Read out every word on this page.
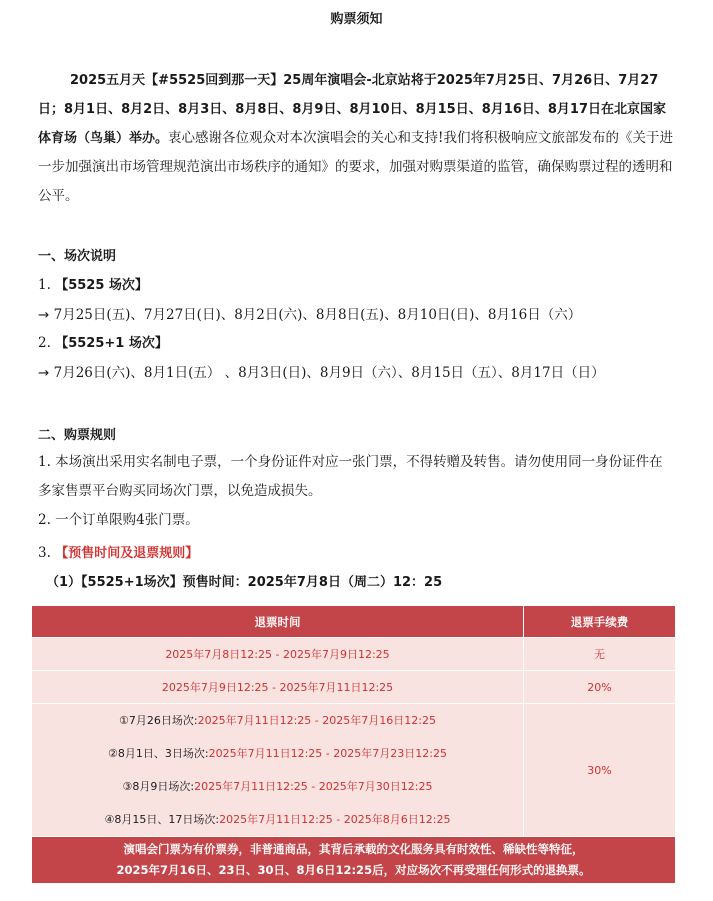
购票须知

2025五月天【#5525回到那一天】25周年演唱会-北京站将于2025年7月25日、7月26日、7月27日；8月1日、8月2日、8月3日、8月8日、8月9日、8月10日、8月15日、8月16日、8月17日在北京国家体育场（鸟巢）举办。衷心感谢各位观众对本次演唱会的关心和支持!我们将积极响应文旅部发布的《关于进一步加强演出市场管理规范演出市场秩序的通知》的要求，加强对购票渠道的监管，确保购票过程的透明和公平。

一、场次说明
1. 【5525 场次】
→ 7月25日(五)、7月27日(日)、8月2日(六)、8月8日(五)、8月10日(日)、8月16日（六）
2. 【5525+1 场次】
→ 7月26日(六)、8月1日(五） 、8月3日(日)、8月9日（六）、8月15日（五）、8月17日（日）
二、购票规则

1. 本场演出采用实名制电子票，一个身份证件对应一张门票，不得转赠及转售。请勿使用同一身份证件在多家售票平台购买同场次门票，以免造成损失。

2. 一个订单限购4张门票。

3. 【预售时间及退票规则】
（1）【5525+1场次】预售时间：2025年7月8日（周二）12：25
退票时间	退票手续费
2025年7月8日12:25 - 2025年7月9日12:25	无
2025年7月9日12:25 - 2025年7月11日12:25	20%

①7月26日场次:2025年7月11日12:25 - 2025年7月16日12:25
②8月1日、3日场次:2025年7月11日12:25 - 2025年7月23日12:25
③8月9日场次:2025年7月11日12:25 - 2025年7月30日12:25
④8月15日、17日场次:2025年7月11日12:25 - 2025年8月6日12:25	30%

演唱会门票为有价票券，非普通商品，其背后承载的文化服务具有时效性、稀缺性等特征，
2025年7月16日、23日、30日、8月6日12:25后，对应场次不再受理任何形式的退换票。	
